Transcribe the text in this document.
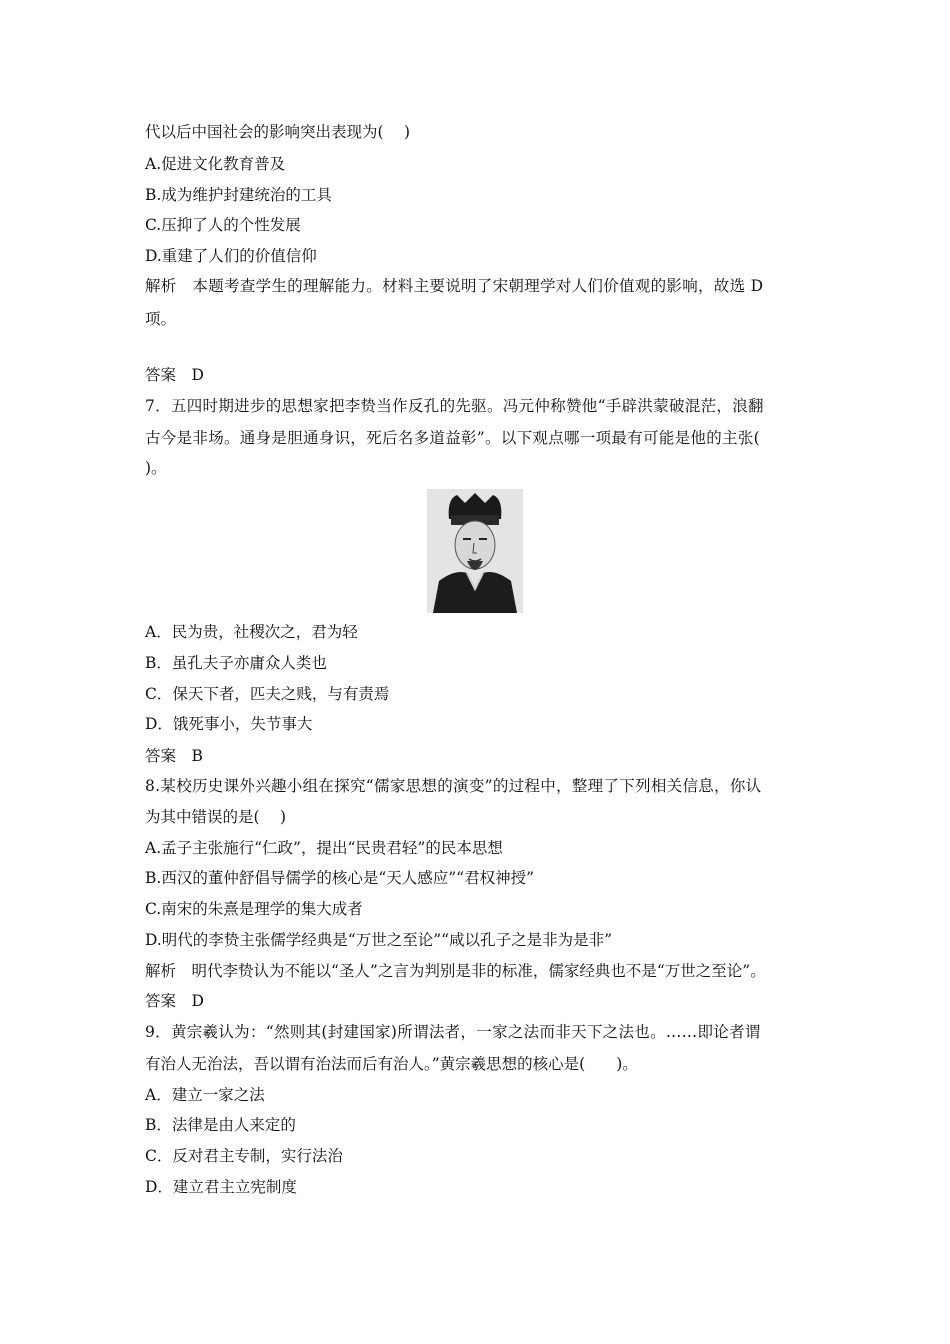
代以后中国社会的影响突出表现为(　 )
A.促进文化教育普及
B.成为维护封建统治的工具
C.压抑了人的个性发展
D.重建了人们的价值信仰
解析　本题考查学生的理解能力。材料主要说明了宋朝理学对人们价值观的影响，故选 D
项。
答案　D
7．五四时期进步的思想家把李贽当作反孔的先驱。冯元仲称赞他“手辟洪蒙破混茫，浪翻
古今是非场。通身是胆通身识，死后名多道益彰”。以下观点哪一项最有可能是他的主张(
)。
A．民为贵，社稷次之，君为轻
B．虽孔夫子亦庸众人类也
C．保天下者，匹夫之贱，与有责焉
D．饿死事小，失节事大
答案　B
8.某校历史课外兴趣小组在探究“儒家思想的演变”的过程中，整理了下列相关信息，你认
为其中错误的是(　 )
A.孟子主张施行“仁政”，提出“民贵君轻”的民本思想
B.西汉的董仲舒倡导儒学的核心是“天人感应”“君权神授”
C.南宋的朱熹是理学的集大成者
D.明代的李贽主张儒学经典是“万世之至论”“咸以孔子之是非为是非”
解析　明代李贽认为不能以“圣人”之言为判别是非的标准，儒家经典也不是“万世之至论”。
答案　D
9．黄宗羲认为：“然则其(封建国家)所谓法者，一家之法而非天下之法也。……即论者谓
有治人无治法，吾以谓有治法而后有治人。”黄宗羲思想的核心是(　　)。
A．建立一家之法
B．法律是由人来定的
C．反对君主专制，实行法治
D．建立君主立宪制度
